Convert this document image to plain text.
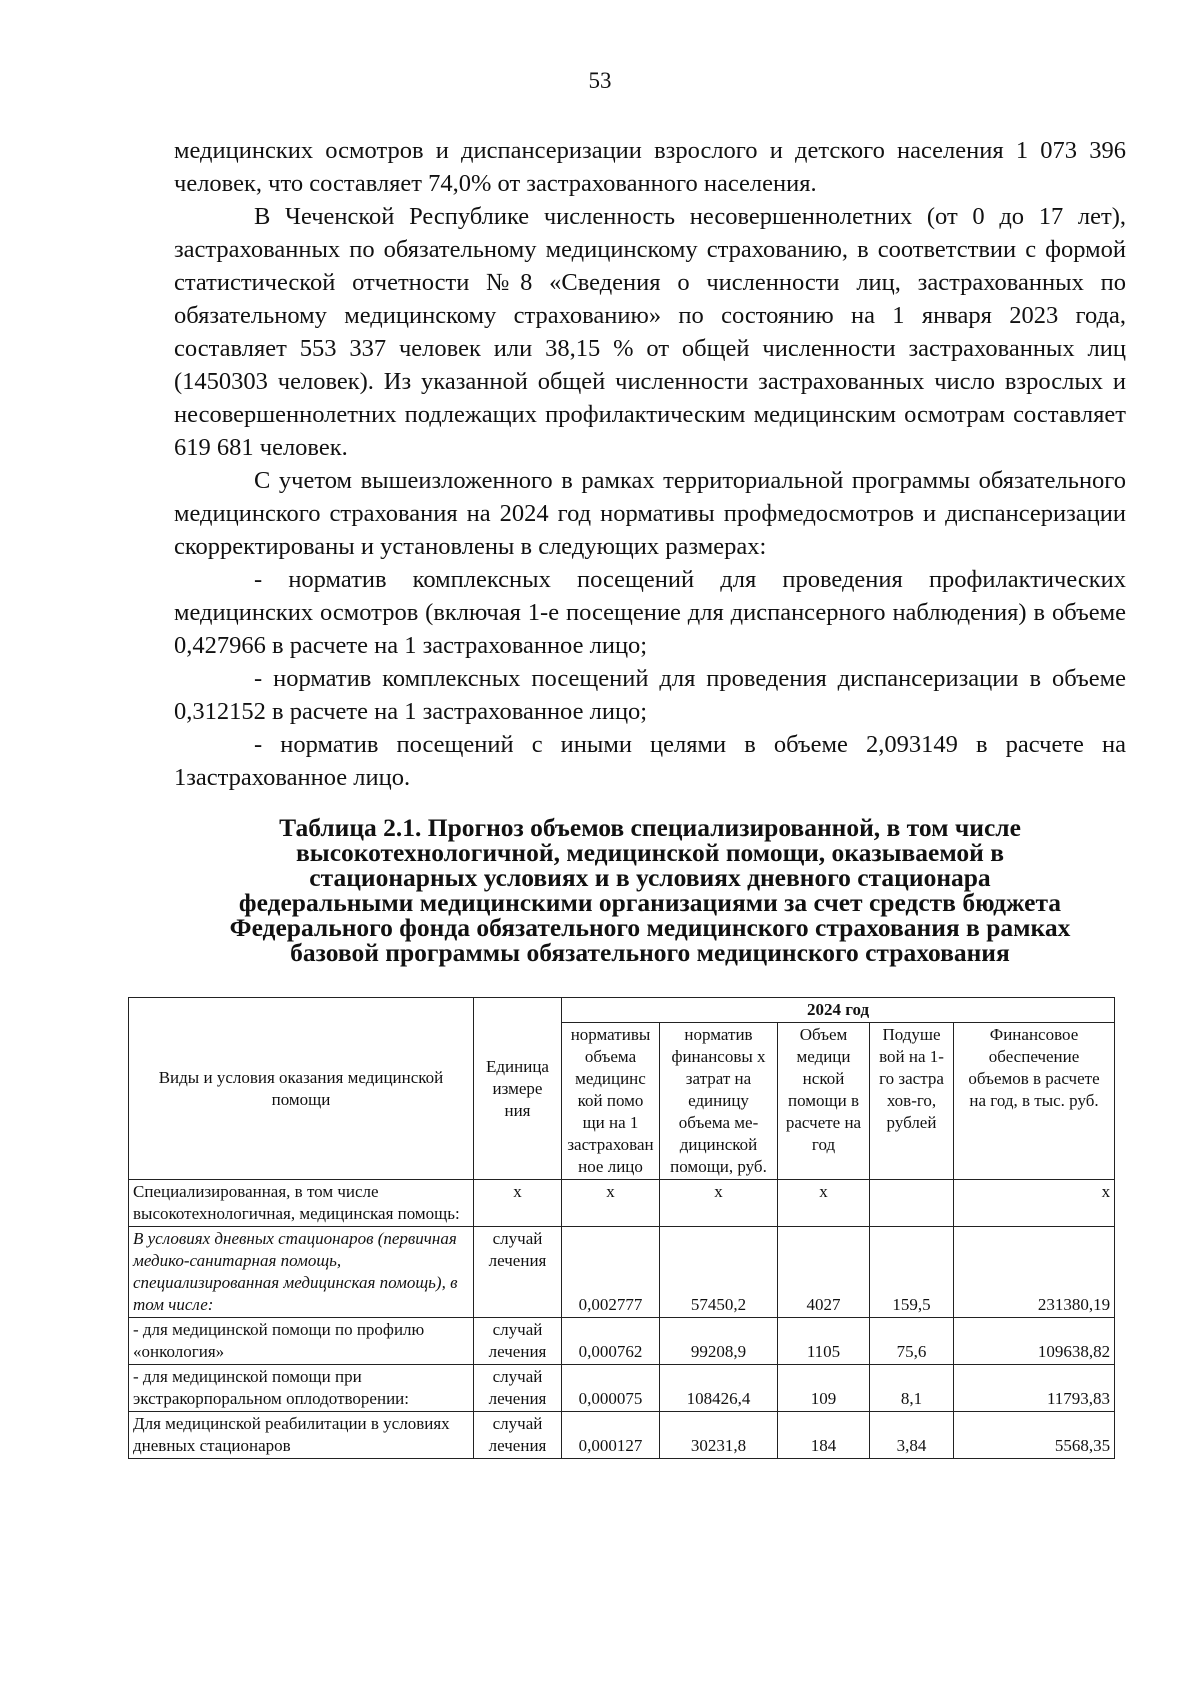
53

медицинских осмотров и диспансеризации взрослого и детского населения 1 073 396 человек, что составляет 74,0% от застрахованного населения.

В Чеченской Республике численность несовершеннолетних (от 0 до 17 лет), застрахованных по обязательному медицинскому страхованию, в соответствии с формой статистической отчетности №8 «Сведения о численности лиц, застрахованных по обязательному медицинскому страхованию» по состоянию на 1 января 2023 года, составляет 553 337 человек или 38,15 % от общей численности застрахованных лиц (1450303 человек). Из указанной общей численности застрахованных число взрослых и несовершеннолетних подлежащих профилактическим медицинским осмотрам составляет 619 681 человек.

С учетом вышеизложенного в рамках территориальной программы обязательного медицинского страхования на 2024 год нормативы профмедосмотров и диспансеризации скорректированы и установлены в следующих размерах:

- норматив комплексных посещений для проведения профилактических медицинских осмотров (включая 1-е посещение для диспансерного наблюдения) в объеме 0,427966 в расчете на 1 застрахованное лицо;

- норматив комплексных посещений для проведения диспансеризации в объеме 0,312152 в расчете на 1 застрахованное лицо;

- норматив посещений с иными целями в объеме 2,093149 в расчете на 1застрахованное лицо.

Таблица 2.1. Прогноз объемов специализированной, в том числе
высокотехнологичной, медицинской помощи, оказываемой в
стационарных условиях и в условиях дневного стационара
федеральными медицинскими организациями за счет средств бюджета
Федерального фонда обязательного медицинского страхования в рамках
базовой программы обязательного медицинского страхования
Виды и условия оказания медицинской помощи	Единица измере ния	2024 год				
		нормативы объема медицинс кой помо щи на 1 застрахован ное лицо	норматив финансовы х затрат на единицу объема ме- дицинской помощи, руб.	Объем медици нской помощи в расчете на год	Подуше вой на 1-го застра хов-го, рублей	Финансовое обеспечение объемов в расчете на год, в тыс. руб.
Специализированная, в том числе высокотехнологичная, медицинская помощь:	х	х	х	х		х
В условиях дневных стационаров (первичная медико-санитарная помощь, специализированная медицинская помощь), в том числе:	случай лечения	0,002777	57450,2	4027	159,5	231380,19
- для медицинской помощи по профилю «онкология»	случай лечения	0,000762	99208,9	1105	75,6	109638,82
- для медицинской помощи при экстракорпоральном оплодотворении:	случай лечения	0,000075	108426,4	109	8,1	11793,83
Для медицинской реабилитации в условиях дневных стационаров	случай лечения	0,000127	30231,8	184	3,84	5568,35
